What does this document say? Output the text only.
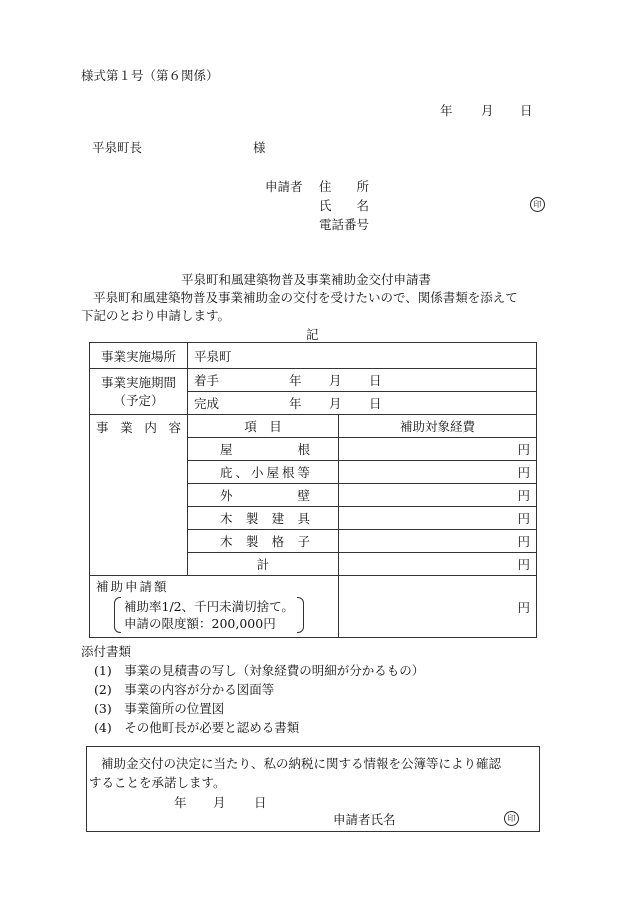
様式第１号（第６関係）
年 月 日
平泉町長	様
申請者 住　　所
氏　　名	印
電話番号
平泉町和風建築物普及事業補助金交付申請書
平泉町和風建築物普及事業補助金の交付を受けたいので、関係書類を添えて
下記のとおり申請します。
記
事業実施場所	平泉町	

事業実施期間
（予定）	着手 年 月 日	
	完成 年 月 日	
事業内容	項　目	補助対象経費
	屋根	円
	庇、小屋根等	円
	外壁	円
	木製建具	円
	木製格子	円
	計	円

補助申請額
補助率1/2、千円未満切捨て。
申請の限度額：200,000円		円
添付書類
(1)　事業の見積書の写し（対象経費の明細が分かるもの）
(2)　事業の内容が分かる図面等
(3)　事業箇所の位置図
(4)　その他町長が必要と認める書類
補助金交付の決定に当たり、私の納税に関する情報を公簿等により確認
することを承諾します。
年 月 日
申請者氏名	印
